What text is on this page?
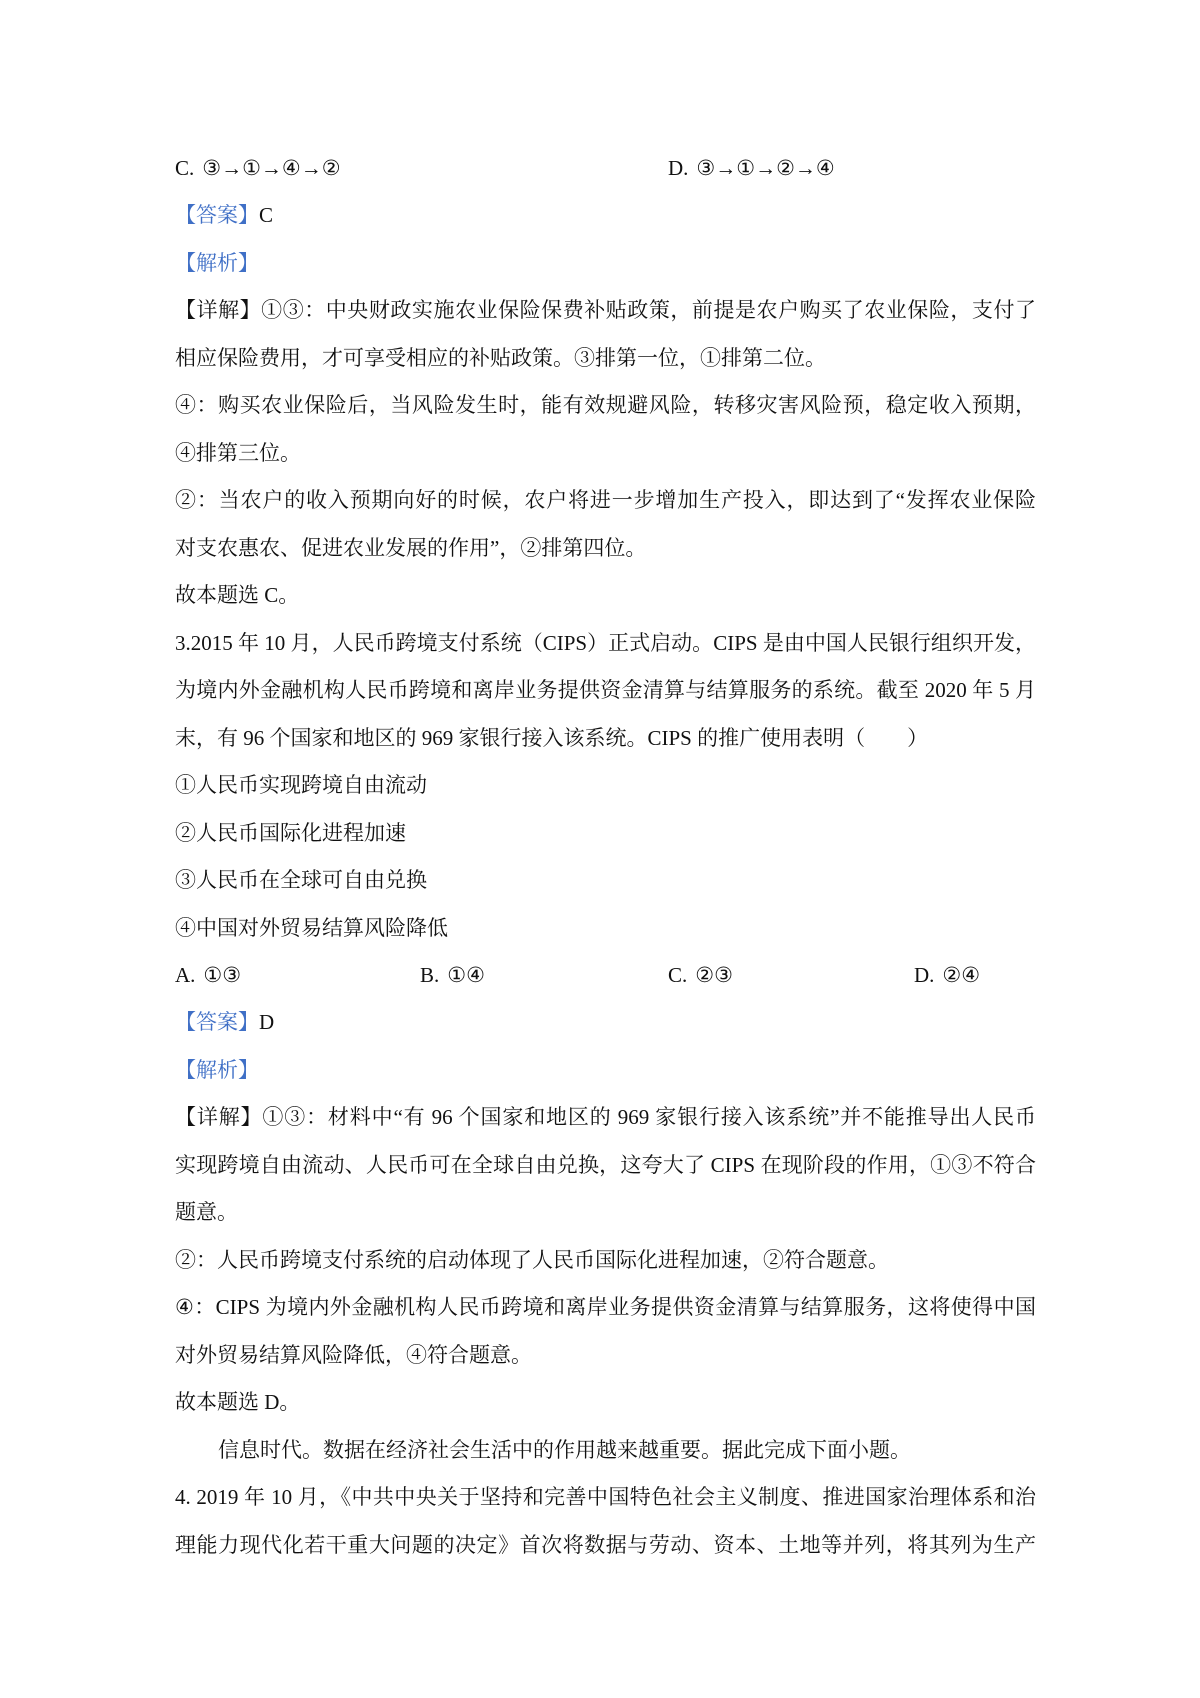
C. ③→①→④→②	D. ③→①→②→④
【答案】C
【解析】
【详解】①③：中央财政实施农业保险保费补贴政策，前提是农户购买了农业保险，支付了
相应保险费用，才可享受相应的补贴政策。③排第一位，①排第二位。
④：购买农业保险后，当风险发生时，能有效规避风险，转移灾害风险预，稳定收入预期，
④排第三位。
②：当农户的收入预期向好的时候，农户将进一步增加生产投入，即达到了“发挥农业保险
对支农惠农、促进农业发展的作用”，②排第四位。
故本题选 C。
3.2015 年 10 月，人民币跨境支付系统（CIPS）正式启动。CIPS 是由中国人民银行组织开发，
为境内外金融机构人民币跨境和离岸业务提供资金清算与结算服务的系统。截至 2020 年 5 月
末，有 96 个国家和地区的 969 家银行接入该系统。CIPS 的推广使用表明（　　）
①人民币实现跨境自由流动
②人民币国际化进程加速
③人民币在全球可自由兑换
④中国对外贸易结算风险降低
A. ①③	B. ①④	C. ②③	D. ②④
【答案】D
【解析】
【详解】①③：材料中“有 96 个国家和地区的 969 家银行接入该系统”并不能推导出人民币
实现跨境自由流动、人民币可在全球自由兑换，这夸大了 CIPS 在现阶段的作用，①③不符合
题意。
②：人民币跨境支付系统的启动体现了人民币国际化进程加速，②符合题意。
④：CIPS 为境内外金融机构人民币跨境和离岸业务提供资金清算与结算服务，这将使得中国
对外贸易结算风险降低，④符合题意。
故本题选 D。
信息时代。数据在经济社会生活中的作用越来越重要。据此完成下面小题。
4. 2019 年 10 月，《中共中央关于坚持和完善中国特色社会主义制度、推进国家治理体系和治
理能力现代化若干重大问题的决定》首次将数据与劳动、资本、土地等并列，将其列为生产
